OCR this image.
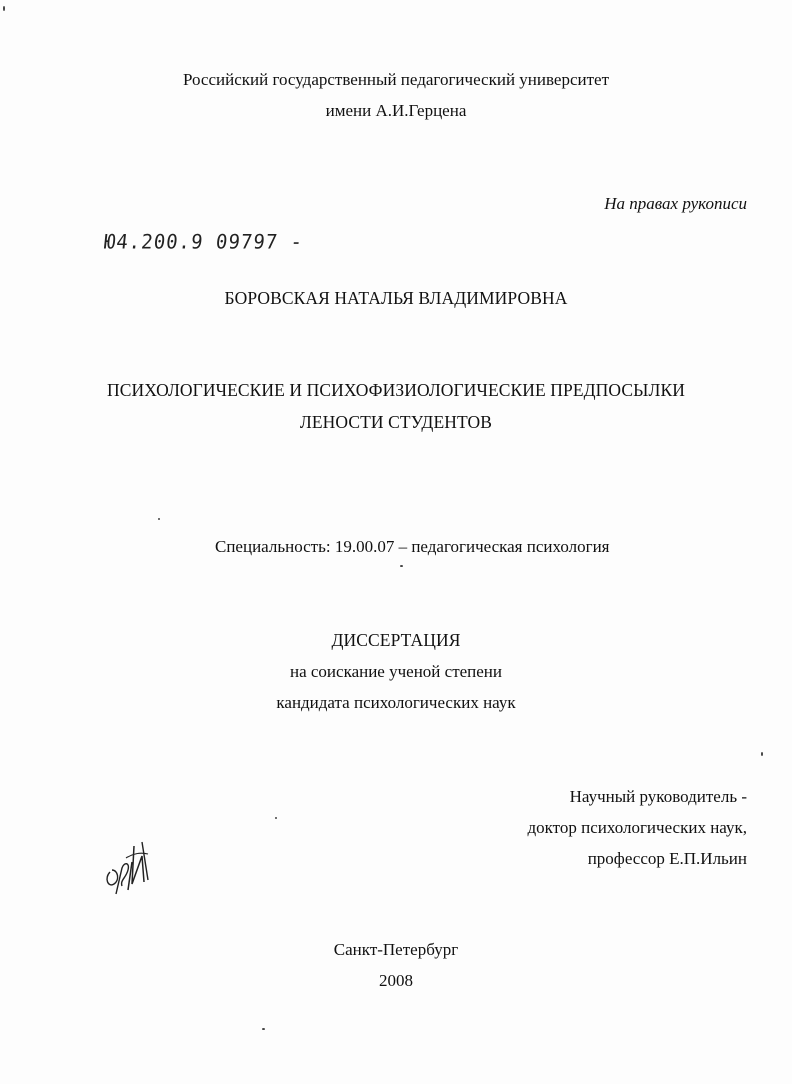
Российский государственный педагогический университет
имени А.И.Герцена
На правах рукописи
Ю4.200.9 09797 -
БОРОВСКАЯ НАТАЛЬЯ ВЛАДИМИРОВНА
ПСИХОЛОГИЧЕСКИЕ И ПСИХОФИЗИОЛОГИЧЕСКИЕ ПРЕДПОСЫЛКИ
ЛЕНОСТИ СТУДЕНТОВ
Специальность: 19.00.07 – педагогическая психология
ДИССЕРТАЦИЯ
на соискание ученой степени
кандидата психологических наук
Научный руководитель -
доктор психологических наук,
профессор Е.П.Ильин
Санкт-Петербург
2008
